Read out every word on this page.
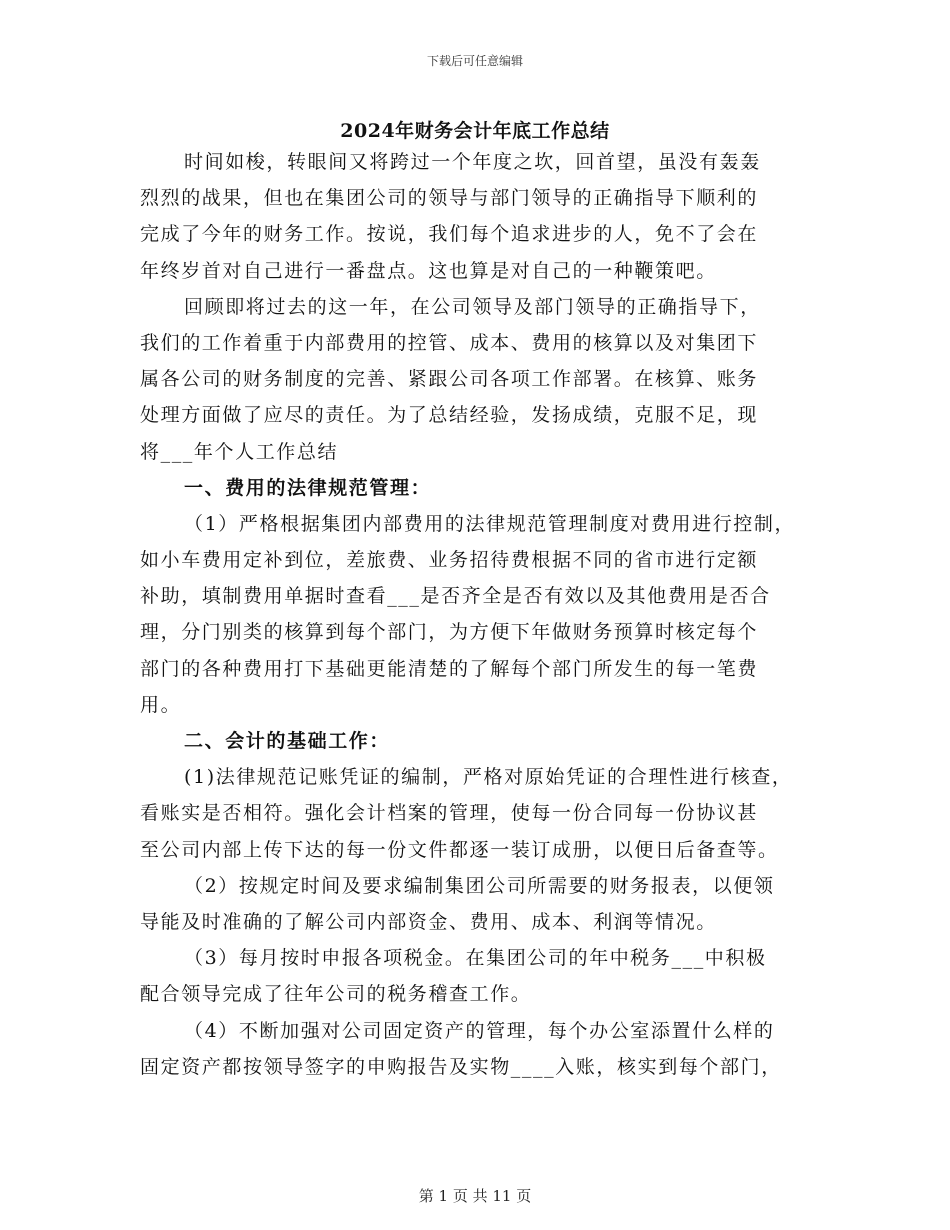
下载后可任意编辑
2024年财务会计年底工作总结
时间如梭，转眼间又将跨过一个年度之坎，回首望，虽没有轰轰
烈烈的战果，但也在集团公司的领导与部门领导的正确指导下顺利的
完成了今年的财务工作。按说，我们每个追求进步的人，免不了会在
年终岁首对自己进行一番盘点。这也算是对自己的一种鞭策吧。
回顾即将过去的这一年，在公司领导及部门领导的正确指导下，
我们的工作着重于内部费用的控管、成本、费用的核算以及对集团下
属各公司的财务制度的完善、紧跟公司各项工作部署。在核算、账务
处理方面做了应尽的责任。为了总结经验，发扬成绩，克服不足，现
将___年个人工作总结
一、费用的法律规范管理：
（1）严格根据集团内部费用的法律规范管理制度对费用进行控制，
如小车费用定补到位，差旅费、业务招待费根据不同的省市进行定额
补助，填制费用单据时查看___是否齐全是否有效以及其他费用是否合
理，分门别类的核算到每个部门，为方便下年做财务预算时核定每个
部门的各种费用打下基础更能清楚的了解每个部门所发生的每一笔费
用。
二、会计的基础工作：
(1)法律规范记账凭证的编制，严格对原始凭证的合理性进行核查，
看账实是否相符。强化会计档案的管理，使每一份合同每一份协议甚
至公司内部上传下达的每一份文件都逐一装订成册，以便日后备查等。
（2）按规定时间及要求编制集团公司所需要的财务报表，以便领
导能及时准确的了解公司内部资金、费用、成本、利润等情况。
（3）每月按时申报各项税金。在集团公司的年中税务___中积极
配合领导完成了往年公司的税务稽查工作。
（4）不断加强对公司固定资产的管理，每个办公室添置什么样的
固定资产都按领导签字的申购报告及实物____入账，核实到每个部门，
第 1 页 共 11 页
